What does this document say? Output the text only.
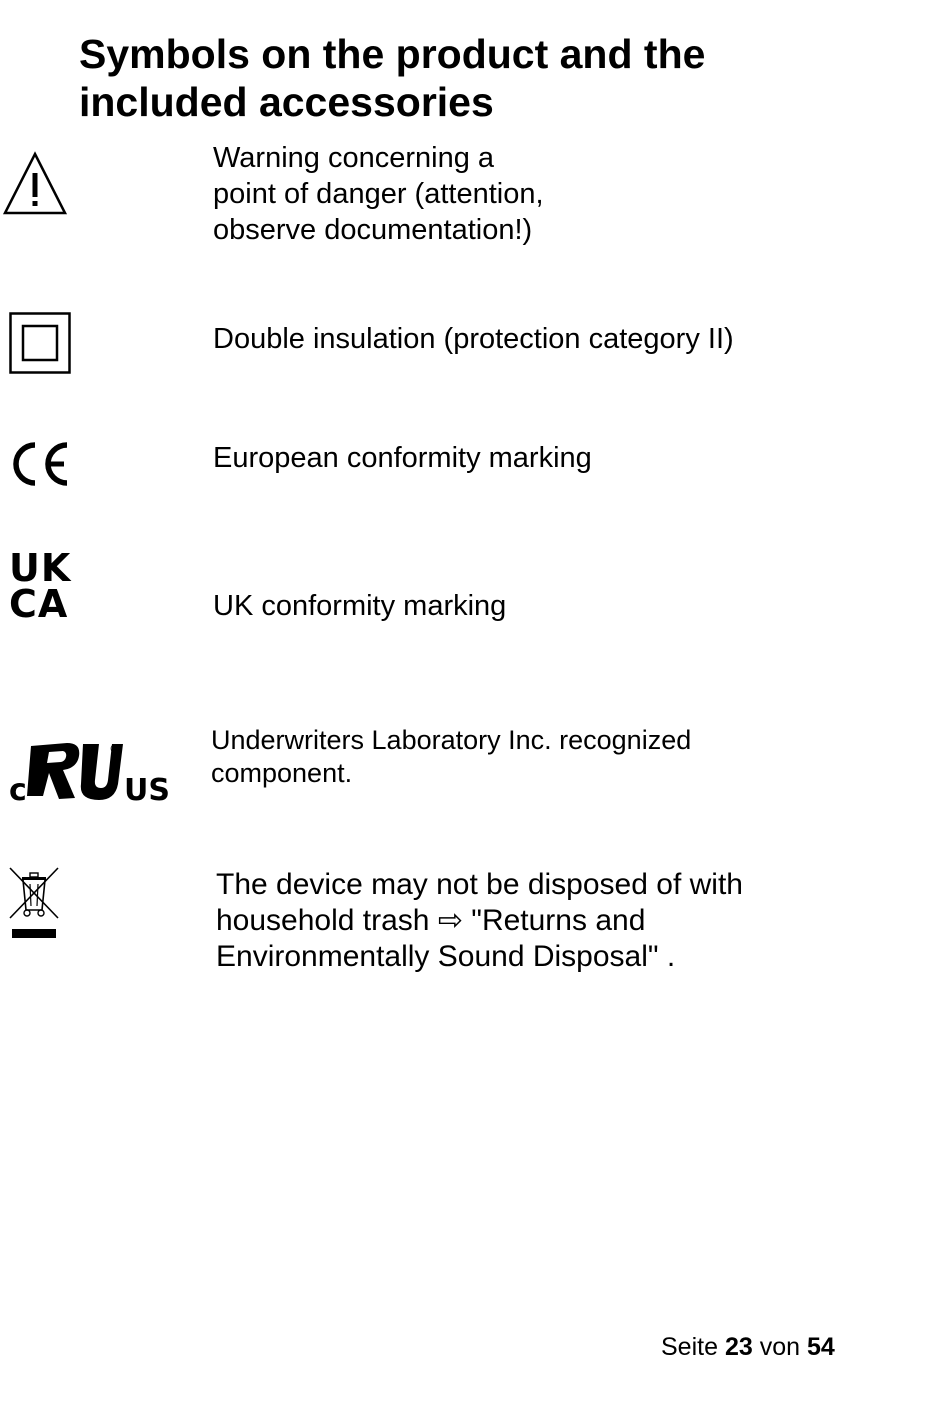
Symbols on the product and the
included accessories

Warning concerning a
point of danger (attention,
observe documentation!)

Double insulation (protection category II)

European conformity marking

UK
CA	UK conformity marking

c
®
US

Underwriters Laboratory Inc. recognized
component.

The device may not be disposed of with
household trash ⇨ "Returns and
Environmentally Sound Disposal" .

Seite 23 von 54
